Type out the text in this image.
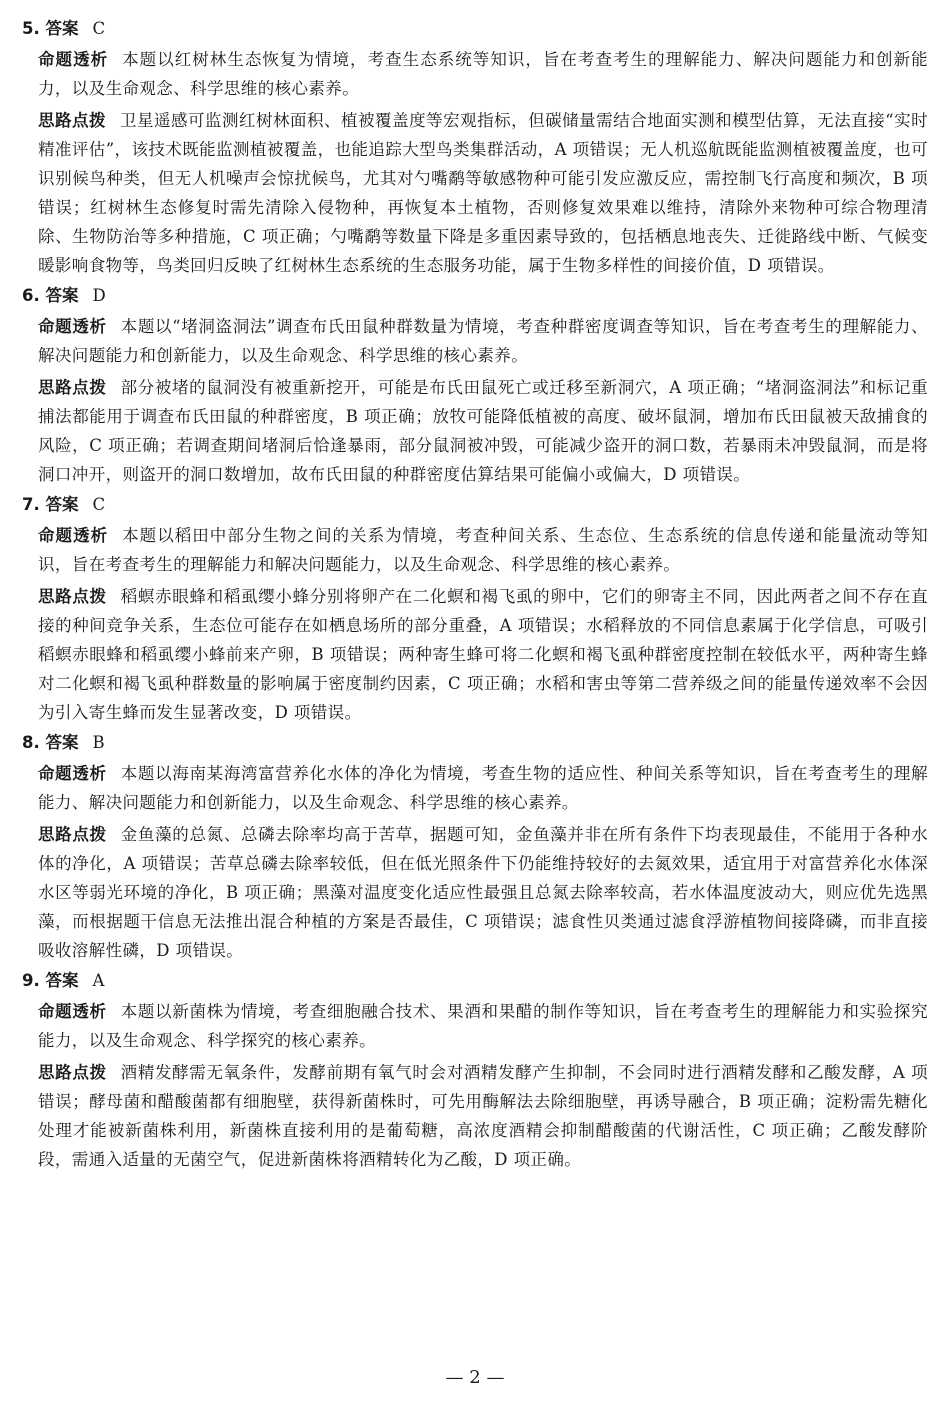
5. 答案 C

命题透析 本题以红树林生态恢复为情境，考查生态系统等知识，旨在考查考生的理解能力、解决问题能力和创新能力，以及生命观念、科学思维的核心素养。

思路点拨 卫星遥感可监测红树林面积、植被覆盖度等宏观指标，但碳储量需结合地面实测和模型估算，无法直接“实时精准评估”，该技术既能监测植被覆盖，也能追踪大型鸟类集群活动，A 项错误；无人机巡航既能监测植被覆盖度，也可识别候鸟种类，但无人机噪声会惊扰候鸟，尤其对勺嘴鹬等敏感物种可能引发应激反应，需控制飞行高度和频次，B 项错误；红树林生态修复时需先清除入侵物种，再恢复本土植物，否则修复效果难以维持，清除外来物种可综合物理清除、生物防治等多种措施，C 项正确；勺嘴鹬等数量下降是多重因素导致的，包括栖息地丧失、迁徙路线中断、气候变暖影响食物等，鸟类回归反映了红树林生态系统的生态服务功能，属于生物多样性的间接价值，D 项错误。

6. 答案 D

命题透析 本题以“堵洞盗洞法”调查布氏田鼠种群数量为情境，考查种群密度调查等知识，旨在考查考生的理解能力、解决问题能力和创新能力，以及生命观念、科学思维的核心素养。

思路点拨 部分被堵的鼠洞没有被重新挖开，可能是布氏田鼠死亡或迁移至新洞穴，A 项正确；“堵洞盗洞法”和标记重捕法都能用于调查布氏田鼠的种群密度，B 项正确；放牧可能降低植被的高度、破坏鼠洞，增加布氏田鼠被天敌捕食的风险，C 项正确；若调查期间堵洞后恰逢暴雨，部分鼠洞被冲毁，可能减少盗开的洞口数，若暴雨未冲毁鼠洞，而是将洞口冲开，则盗开的洞口数增加，故布氏田鼠的种群密度估算结果可能偏小或偏大，D 项错误。

7. 答案 C

命题透析 本题以稻田中部分生物之间的关系为情境，考查种间关系、生态位、生态系统的信息传递和能量流动等知识，旨在考查考生的理解能力和解决问题能力，以及生命观念、科学思维的核心素养。

思路点拨 稻螟赤眼蜂和稻虱缨小蜂分别将卵产在二化螟和褐飞虱的卵中，它们的卵寄主不同，因此两者之间不存在直接的种间竞争关系，生态位可能存在如栖息场所的部分重叠，A 项错误；水稻释放的不同信息素属于化学信息，可吸引稻螟赤眼蜂和稻虱缨小蜂前来产卵，B 项错误；两种寄生蜂可将二化螟和褐飞虱种群密度控制在较低水平，两种寄生蜂对二化螟和褐飞虱种群数量的影响属于密度制约因素，C 项正确；水稻和害虫等第二营养级之间的能量传递效率不会因为引入寄生蜂而发生显著改变，D 项错误。

8. 答案 B

命题透析 本题以海南某海湾富营养化水体的净化为情境，考查生物的适应性、种间关系等知识，旨在考查考生的理解能力、解决问题能力和创新能力，以及生命观念、科学思维的核心素养。

思路点拨 金鱼藻的总氮、总磷去除率均高于苦草，据题可知，金鱼藻并非在所有条件下均表现最佳，不能用于各种水体的净化，A 项错误；苦草总磷去除率较低，但在低光照条件下仍能维持较好的去氮效果，适宜用于对富营养化水体深水区等弱光环境的净化，B 项正确；黑藻对温度变化适应性最强且总氮去除率较高，若水体温度波动大，则应优先选黑藻，而根据题干信息无法推出混合种植的方案是否最佳，C 项错误；滤食性贝类通过滤食浮游植物间接降磷，而非直接吸收溶解性磷，D 项错误。

9. 答案 A

命题透析 本题以新菌株为情境，考查细胞融合技术、果酒和果醋的制作等知识，旨在考查考生的理解能力和实验探究能力，以及生命观念、科学探究的核心素养。

思路点拨 酒精发酵需无氧条件，发酵前期有氧气时会对酒精发酵产生抑制，不会同时进行酒精发酵和乙酸发酵，A 项错误；酵母菌和醋酸菌都有细胞壁，获得新菌株时，可先用酶解法去除细胞壁，再诱导融合，B 项正确；淀粉需先糖化处理才能被新菌株利用，新菌株直接利用的是葡萄糖，高浓度酒精会抑制醋酸菌的代谢活性，C 项正确；乙酸发酵阶段，需通入适量的无菌空气，促进新菌株将酒精转化为乙酸，D 项正确。

— 2 —
